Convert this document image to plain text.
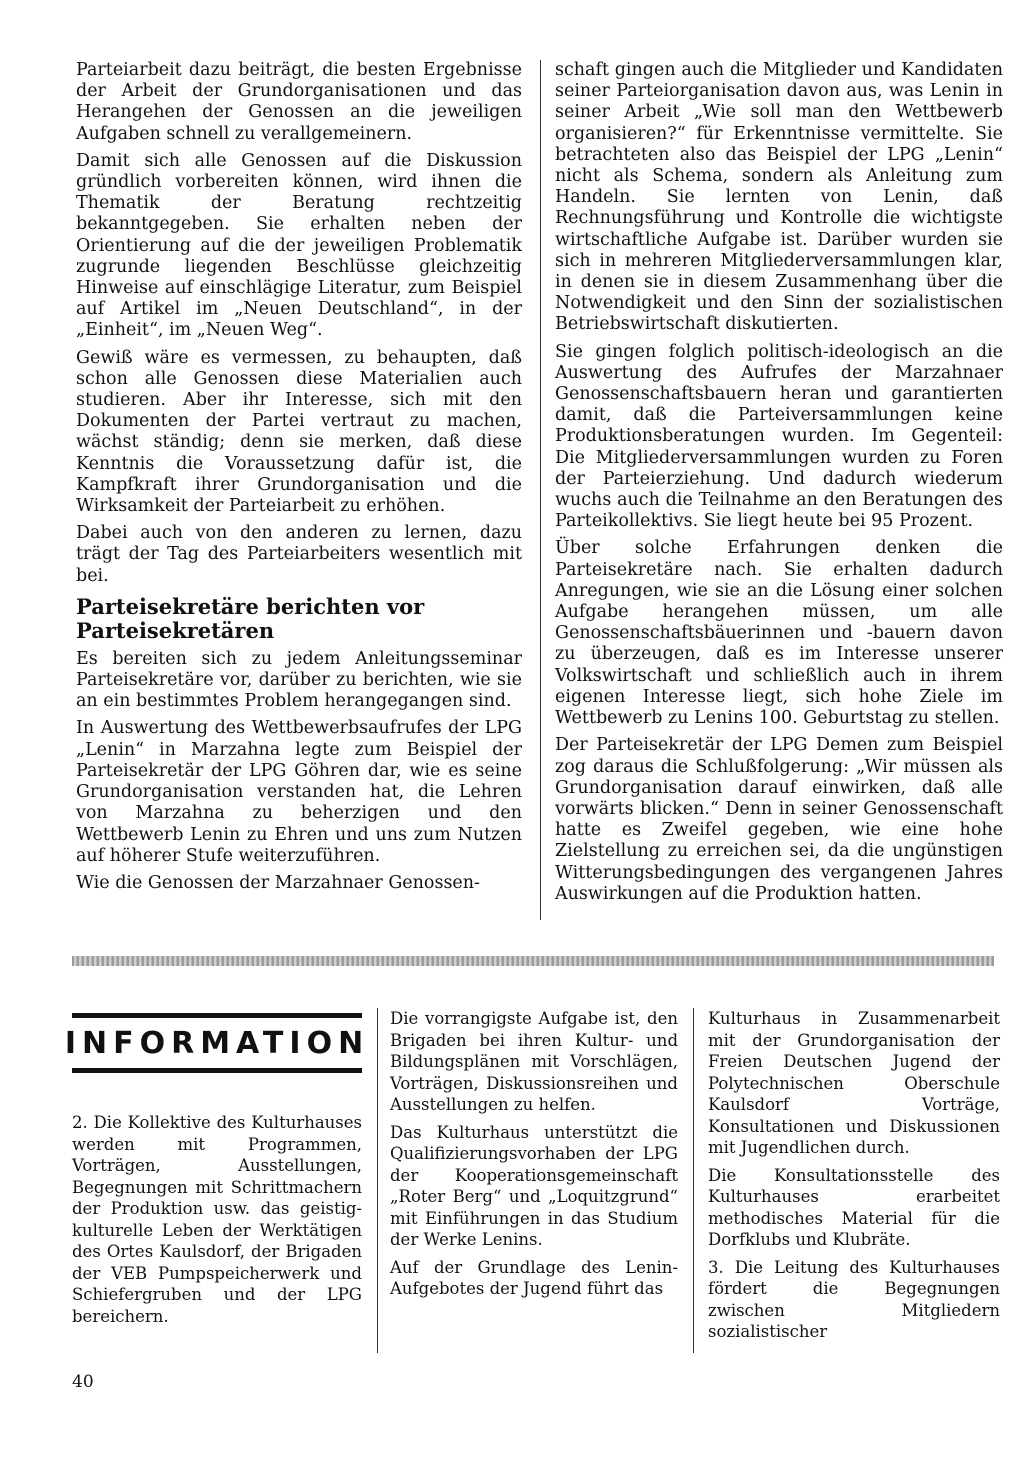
Parteiarbeit dazu beiträgt, die besten Ergebnisse der Arbeit der Grundorganisationen und das Herangehen der Genossen an die jeweiligen Aufgaben schnell zu verallgemeinern.

Damit sich alle Genossen auf die Diskussion gründlich vorbereiten können, wird ihnen die Thematik der Beratung rechtzeitig bekanntgegeben. Sie erhalten neben der Orientierung auf die der jeweiligen Problematik zugrunde liegenden Beschlüsse gleichzeitig Hinweise auf einschlägige Literatur, zum Beispiel auf Artikel im „Neuen Deutschland“, in der „Einheit“, im „Neuen Weg“.

Gewiß wäre es vermessen, zu behaupten, daß schon alle Genossen diese Materialien auch studieren. Aber ihr Interesse, sich mit den Dokumenten der Partei vertraut zu machen, wächst ständig; denn sie merken, daß diese Kenntnis die Voraussetzung dafür ist, die Kampfkraft ihrer Grundorganisation und die Wirksamkeit der Parteiarbeit zu erhöhen.

Dabei auch von den anderen zu lernen, dazu trägt der Tag des Parteiarbeiters wesentlich mit bei.

Parteisekretäre berichten vor Parteisekretären

Es bereiten sich zu jedem Anleitungsseminar Parteisekretäre vor, darüber zu berichten, wie sie an ein bestimmtes Problem herangegangen sind.

In Auswertung des Wettbewerbsaufrufes der LPG „Lenin“ in Marzahna legte zum Beispiel der Parteisekretär der LPG Göhren dar, wie es seine Grundorganisation verstanden hat, die Lehren von Marzahna zu beherzigen und den Wettbewerb Lenin zu Ehren und uns zum Nutzen auf höherer Stufe weiterzuführen.

Wie die Genossen der Marzahnaer Genossen-

schaft gingen auch die Mitglieder und Kandidaten seiner Parteiorganisation davon aus, was Lenin in seiner Arbeit „Wie soll man den Wettbewerb organisieren?“ für Erkenntnisse vermittelte. Sie betrachteten also das Beispiel der LPG „Lenin“ nicht als Schema, sondern als Anleitung zum Handeln. Sie lernten von Lenin, daß Rechnungsführung und Kontrolle die wichtigste wirtschaftliche Aufgabe ist. Darüber wurden sie sich in mehreren Mitgliederversammlungen klar, in denen sie in diesem Zusammenhang über die Notwendigkeit und den Sinn der sozialistischen Betriebswirtschaft diskutierten.

Sie gingen folglich politisch-ideologisch an die Auswertung des Aufrufes der Marzahnaer Genossenschaftsbauern heran und garantierten damit, daß die Parteiversammlungen keine Produktionsberatungen wurden. Im Gegenteil: Die Mitgliederversammlungen wurden zu Foren der Parteierziehung. Und dadurch wiederum wuchs auch die Teilnahme an den Beratungen des Parteikollektivs. Sie liegt heute bei 95 Prozent.

Über solche Erfahrungen denken die Parteisekretäre nach. Sie erhalten dadurch Anregungen, wie sie an die Lösung einer solchen Aufgabe herangehen müssen, um alle Genossenschaftsbäuerinnen und -bauern davon zu überzeugen, daß es im Interesse unserer Volkswirtschaft und schließlich auch in ihrem eigenen Interesse liegt, sich hohe Ziele im Wettbewerb zu Lenins 100. Geburtstag zu stellen.

Der Parteisekretär der LPG Demen zum Beispiel zog daraus die Schlußfolgerung: „Wir müssen als Grundorganisation darauf einwirken, daß alle vorwärts blicken.“ Denn in seiner Genossenschaft hatte es Zweifel gegeben, wie eine hohe Zielstellung zu erreichen sei, da die ungünstigen Witterungsbedingungen des vergangenen Jahres Auswirkungen auf die Produktion hatten.

INFORMATION

2. Die Kollektive des Kulturhauses werden mit Programmen, Vorträgen, Ausstellungen, Begegnungen mit Schrittmachern der Produktion usw. das geistig-kulturelle Leben der Werktätigen des Ortes Kaulsdorf, der Brigaden der VEB Pumpspeicherwerk und Schiefergruben und der LPG bereichern.

Die vorrangigste Aufgabe ist, den Brigaden bei ihren Kultur- und Bildungsplänen mit Vorschlägen, Vorträgen, Diskussionsreihen und Ausstellungen zu helfen.

Das Kulturhaus unterstützt die Qualifizierungsvorhaben der LPG der Kooperationsgemeinschaft „Roter Berg“ und „Loquitzgrund“ mit Einführungen in das Studium der Werke Lenins.

Auf der Grundlage des Lenin-Aufgebotes der Jugend führt das

Kulturhaus in Zusammenarbeit mit der Grundorganisation der Freien Deutschen Jugend der Polytechnischen Oberschule Kaulsdorf Vorträge, Konsultationen und Diskussionen mit Jugendlichen durch.

Die Konsultationsstelle des Kulturhauses erarbeitet methodisches Material für die Dorfklubs und Klubräte.

3. Die Leitung des Kulturhauses fördert die Begegnungen zwischen Mitgliedern sozialistischer

40
